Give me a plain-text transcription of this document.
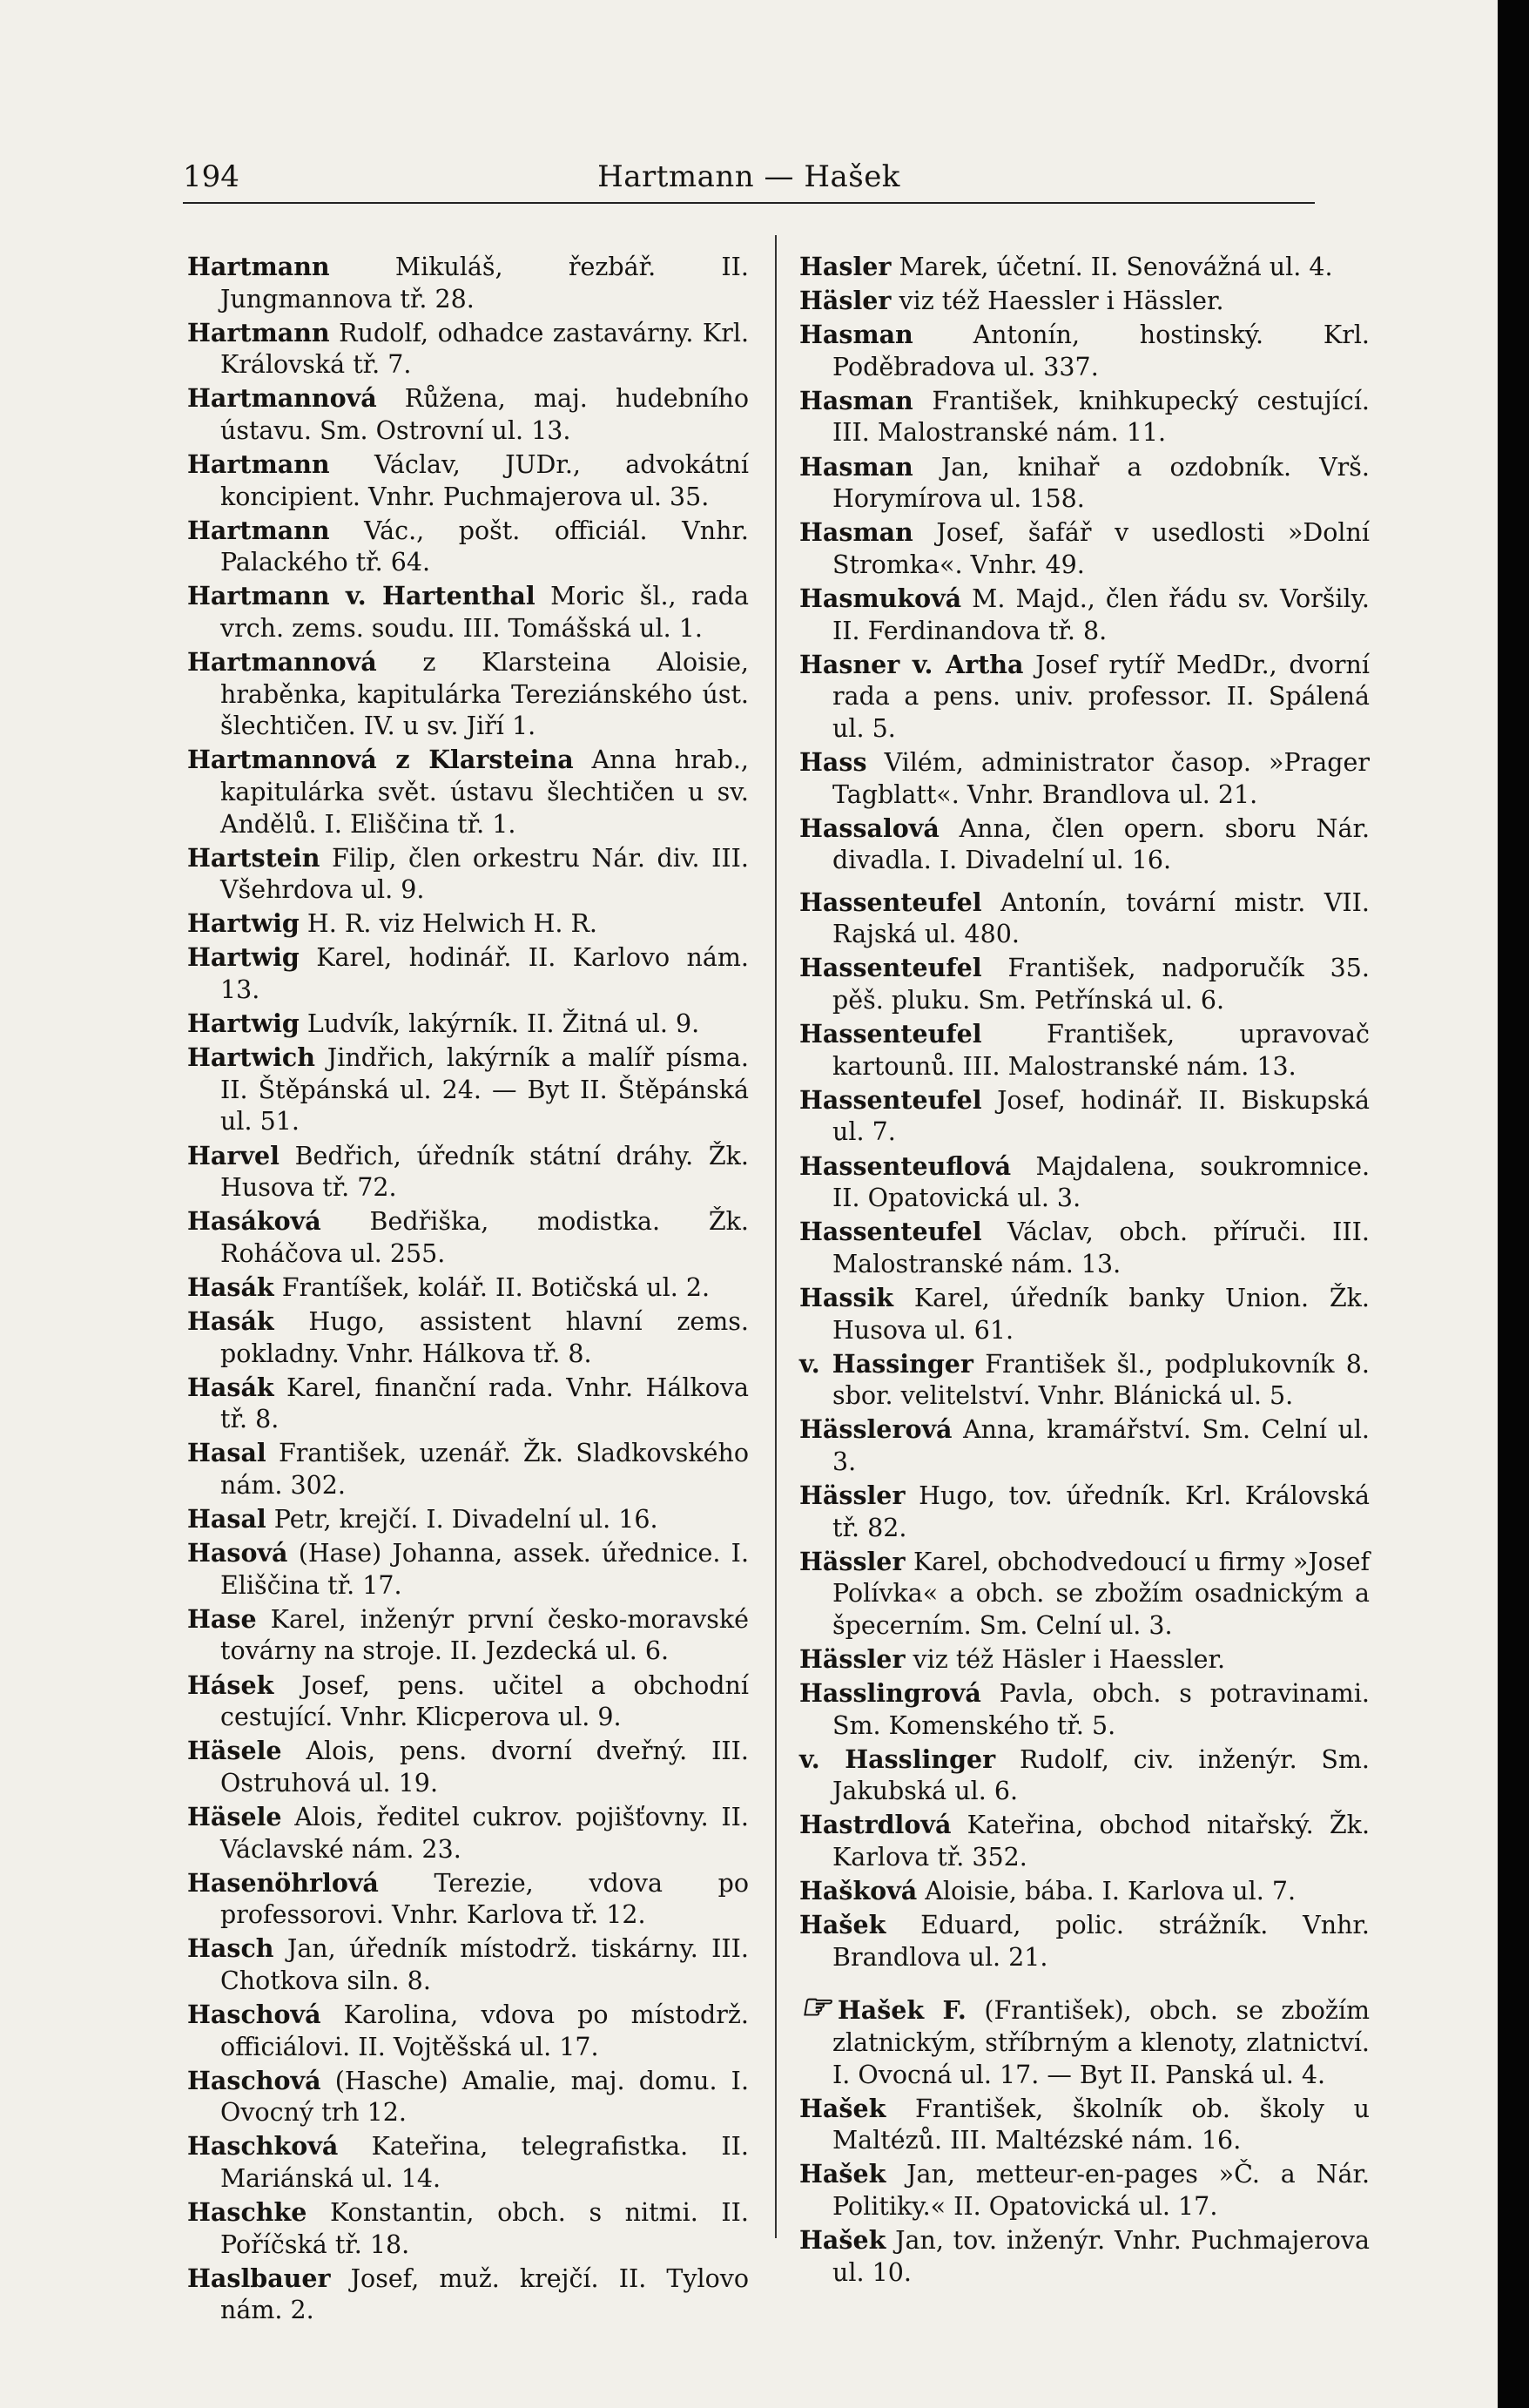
Hartmann — Hašek
194

Hartmann Mikuláš, řezbář. II. Jungmannova tř. 28.

Hartmann Rudolf, odhadce zastavárny. Krl. Královská tř. 7.

Hartmannová Růžena, maj. hudebního ústavu. Sm. Ostrovní ul. 13.

Hartmann Václav, JUDr., advokátní koncipient. Vnhr. Puchmajerova ul. 35.

Hartmann Vác., pošt. officiál. Vnhr. Palackého tř. 64.

Hartmann v. Hartenthal Moric šl., rada vrch. zems. soudu. III. Tomášská ul. 1.

Hartmannová z Klarsteina Aloisie, hraběnka, kapitulárka Tereziánského úst. šlechtičen. IV. u sv. Jiří 1.

Hartmannová z Klarsteina Anna hrab., kapitulárka svět. ústavu šlechtičen u sv. Andělů. I. Eliščina tř. 1.

Hartstein Filip, člen orkestru Nár. div. III. Všehrdova ul. 9.

Hartwig H. R. viz Helwich H. R.

Hartwig Karel, hodinář. II. Karlovo nám. 13.

Hartwig Ludvík, lakýrník. II. Žitná ul. 9.

Hartwich Jindřich, lakýrník a malíř písma. II. Štěpánská ul. 24. — Byt II. Štěpánská ul. 51.

Harvel Bedřich, úředník státní dráhy. Žk. Husova tř. 72.

Hasáková Bedřiška, modistka. Žk. Roháčova ul. 255.

Hasák Frantíšek, kolář. II. Botičská ul. 2.

Hasák Hugo, assistent hlavní zems. pokladny. Vnhr. Hálkova tř. 8.

Hasák Karel, finanční rada. Vnhr. Hálkova tř. 8.

Hasal František, uzenář. Žk. Sladkovského nám. 302.

Hasal Petr, krejčí. I. Divadelní ul. 16.

Hasová (Hase) Johanna, assek. úřednice. I. Eliščina tř. 17.

Hase Karel, inženýr první česko-moravské továrny na stroje. II. Jezdecká ul. 6.

Hásek Josef, pens. učitel a obchodní cestující. Vnhr. Klicperova ul. 9.

Häsele Alois, pens. dvorní dveřný. III. Ostruhová ul. 19.

Häsele Alois, ředitel cukrov. pojišťovny. II. Václavské nám. 23.

Hasenöhrlová Terezie, vdova po professorovi. Vnhr. Karlova tř. 12.

Hasch Jan, úředník místodrž. tiskárny. III. Chotkova siln. 8.

Haschová Karolina, vdova po místodrž. officiálovi. II. Vojtěšská ul. 17.

Haschová (Hasche) Amalie, maj. domu. I. Ovocný trh 12.

Haschková Kateřina, telegrafistka. II. Mariánská ul. 14.

Haschke Konstantin, obch. s nitmi. II. Poříčská tř. 18.

Haslbauer Josef, muž. krejčí. II. Tylovo nám. 2.

Hasler Marek, účetní. II. Senovážná ul. 4.

Häsler viz též Haessler i Hässler.

Hasman Antonín, hostinský. Krl. Poděbradova ul. 337.

Hasman František, knihkupecký cestující. III. Malostranské nám. 11.

Hasman Jan, knihař a ozdobník. Vrš. Horymírova ul. 158.

Hasman Josef, šafář v usedlosti »Dolní Stromka«. Vnhr. 49.

Hasmuková M. Majd., člen řádu sv. Voršily. II. Ferdinandova tř. 8.

Hasner v. Artha Josef rytíř MedDr., dvorní rada a pens. univ. professor. II. Spálená ul. 5.

Hass Vilém, administrator časop. »Prager Tagblatt«. Vnhr. Brandlova ul. 21.

Hassalová Anna, člen opern. sboru Nár. divadla. I. Divadelní ul. 16.

Hassenteufel Antonín, tovární mistr. VII. Rajská ul. 480.

Hassenteufel František, nadporučík 35. pěš. pluku. Sm. Petřínská ul. 6.

Hassenteufel František, upravovač kartounů. III. Malostranské nám. 13.

Hassenteufel Josef, hodinář. II. Biskupská ul. 7.

Hassenteuflová Majdalena, soukromnice. II. Opatovická ul. 3.

Hassenteufel Václav, obch. příruči. III. Malostranské nám. 13.

Hassik Karel, úředník banky Union. Žk. Husova ul. 61.

v. Hassinger František šl., podplukovník 8. sbor. velitelství. Vnhr. Blánická ul. 5.

Hässlerová Anna, kramářství. Sm. Celní ul. 3.

Hässler Hugo, tov. úředník. Krl. Královská tř. 82.

Hässler Karel, obchodvedoucí u firmy »Josef Polívka« a obch. se zbožím osadnickým a špecerním. Sm. Celní ul. 3.

Hässler viz též Häsler i Haessler.

Hasslingrová Pavla, obch. s potravinami. Sm. Komenského tř. 5.

v. Hasslinger Rudolf, civ. inženýr. Sm. Jakubská ul. 6.

Hastrdlová Kateřina, obchod nitařský. Žk. Karlova tř. 352.

Hašková Aloisie, bába. I. Karlova ul. 7.

Hašek Eduard, polic. strážník. Vnhr. Brandlova ul. 21.

☞ Hašek F. (František), obch. se zbožím zlatnickým, stříbrným a klenoty, zlatnictví. I. Ovocná ul. 17. — Byt II. Panská ul. 4.

Hašek František, školník ob. školy u Maltézů. III. Maltézské nám. 16.

Hašek Jan, metteur-en-pages »Č. a Nár. Politiky.« II. Opatovická ul. 17.

Hašek Jan, tov. inženýr. Vnhr. Puchmajerova ul. 10.
